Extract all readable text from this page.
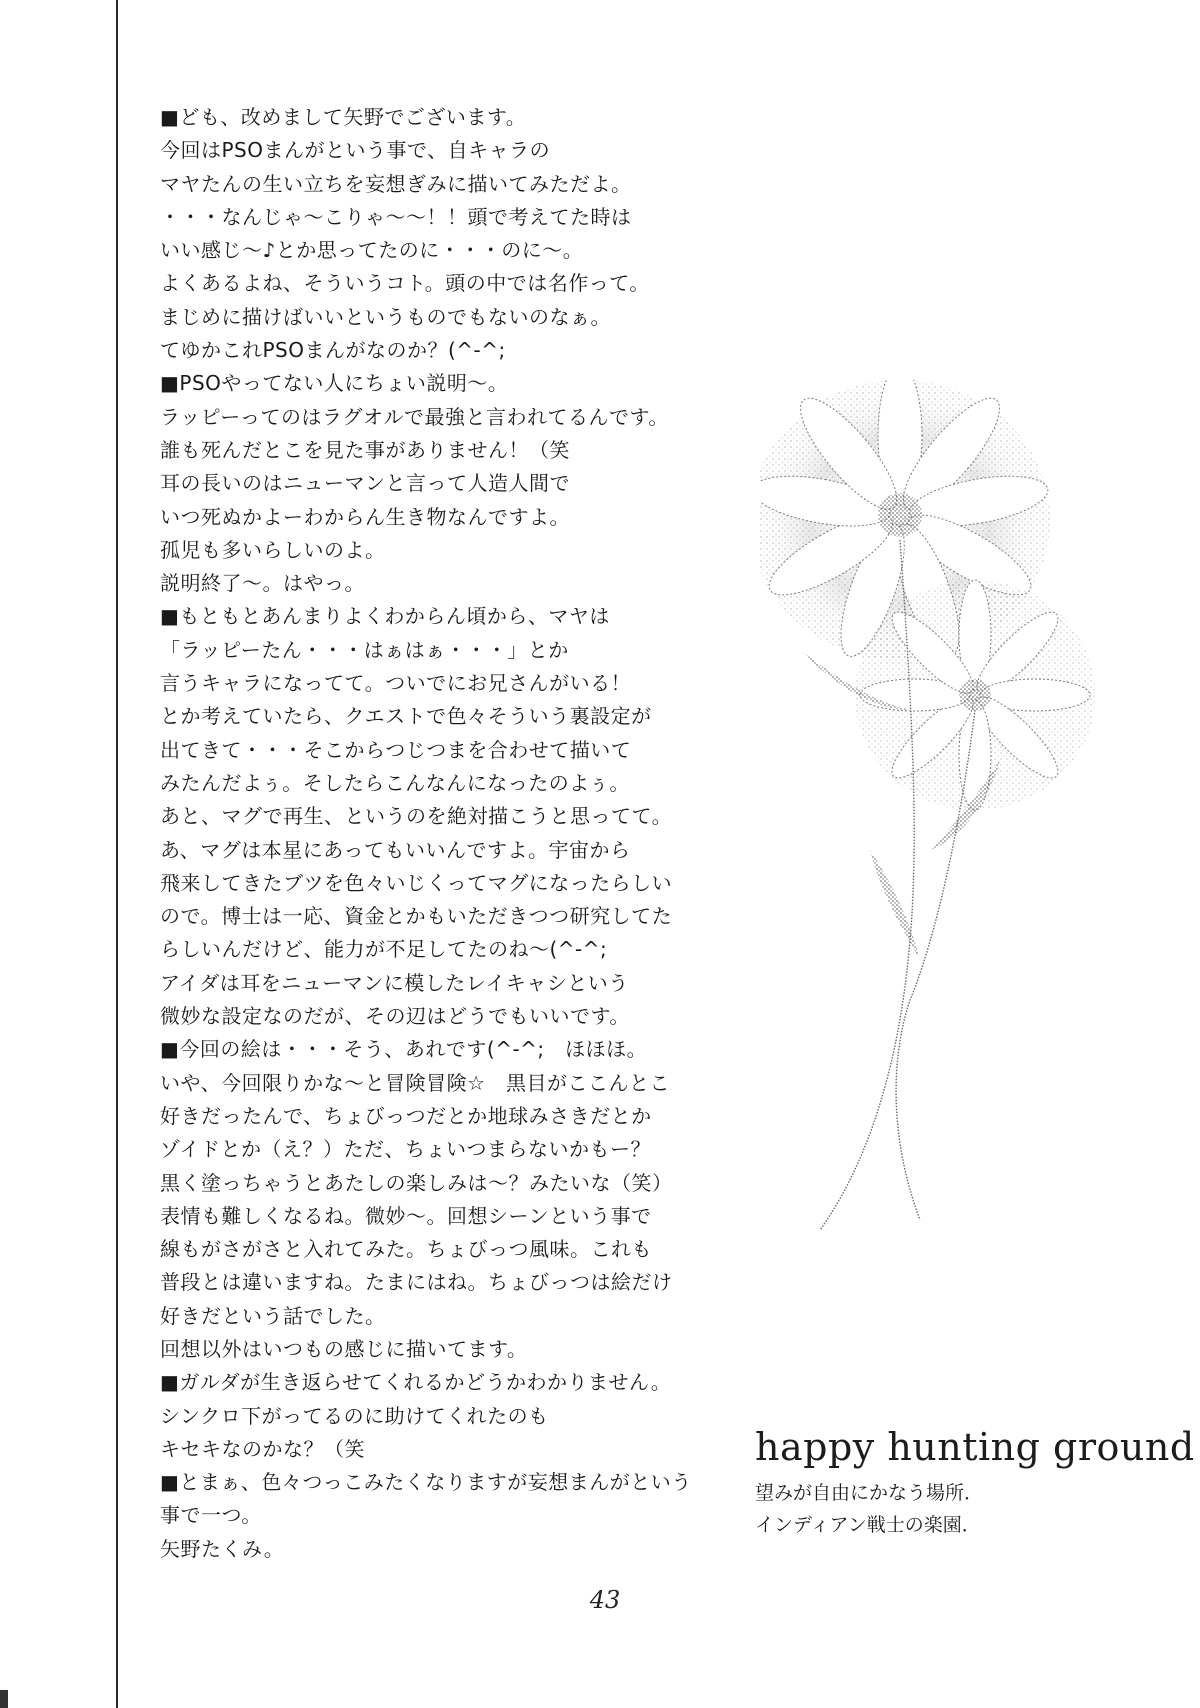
■ども、改めまして矢野でございます。
今回はPSOまんがという事で、自キャラの
マヤたんの生い立ちを妄想ぎみに描いてみただよ。
・・・なんじゃ〜こりゃ〜〜！！頭で考えてた時は
いい感じ〜♪とか思ってたのに・・・のに〜。
よくあるよね、そういうコト。頭の中では名作って。
まじめに描けばいいというものでもないのなぁ。
てゆかこれPSOまんがなのか？(^-^;
■PSOやってない人にちょい説明〜。
ラッピーってのはラグオルで最強と言われてるんです。
誰も死んだとこを見た事がありません！（笑
耳の長いのはニューマンと言って人造人間で
いつ死ぬかよーわからん生き物なんですよ。
孤児も多いらしいのよ。
説明終了〜。はやっ。
■もともとあんまりよくわからん頃から、マヤは
「ラッピーたん・・・はぁはぁ・・・」とか
言うキャラになってて。ついでにお兄さんがいる！
とか考えていたら、クエストで色々そういう裏設定が
出てきて・・・そこからつじつまを合わせて描いて
みたんだよぅ。そしたらこんなんになったのよぅ。
あと、マグで再生、というのを絶対描こうと思ってて。
あ、マグは本星にあってもいいんですよ。宇宙から
飛来してきたブツを色々いじくってマグになったらしい
ので。博士は一応、資金とかもいただきつつ研究してた
らしいんだけど、能力が不足してたのね〜(^-^;
アイダは耳をニューマンに模したレイキャシという
微妙な設定なのだが、その辺はどうでもいいです。
■今回の絵は・・・そう、あれです(^-^;　ほほほ。
いや、今回限りかな〜と冒険冒険☆　黒目がここんとこ
好きだったんで、ちょびっつだとか地球みさきだとか
ゾイドとか（え？）ただ、ちょいつまらないかもー？
黒く塗っちゃうとあたしの楽しみは〜？みたいな（笑）
表情も難しくなるね。微妙〜。回想シーンという事で
線もがさがさと入れてみた。ちょびっつ風味。これも
普段とは違いますね。たまにはね。ちょびっつは絵だけ
好きだという話でした。
回想以外はいつもの感じに描いてます。
■ガルダが生き返らせてくれるかどうかわかりません。
シンクロ下がってるのに助けてくれたのも
キセキなのかな？（笑
■とまぁ、色々つっこみたくなりますが妄想まんがという
事で一つ。
矢野たくみ。
happy hunting ground
望みが自由にかなう場所．
インディアン戦士の楽園．
43
